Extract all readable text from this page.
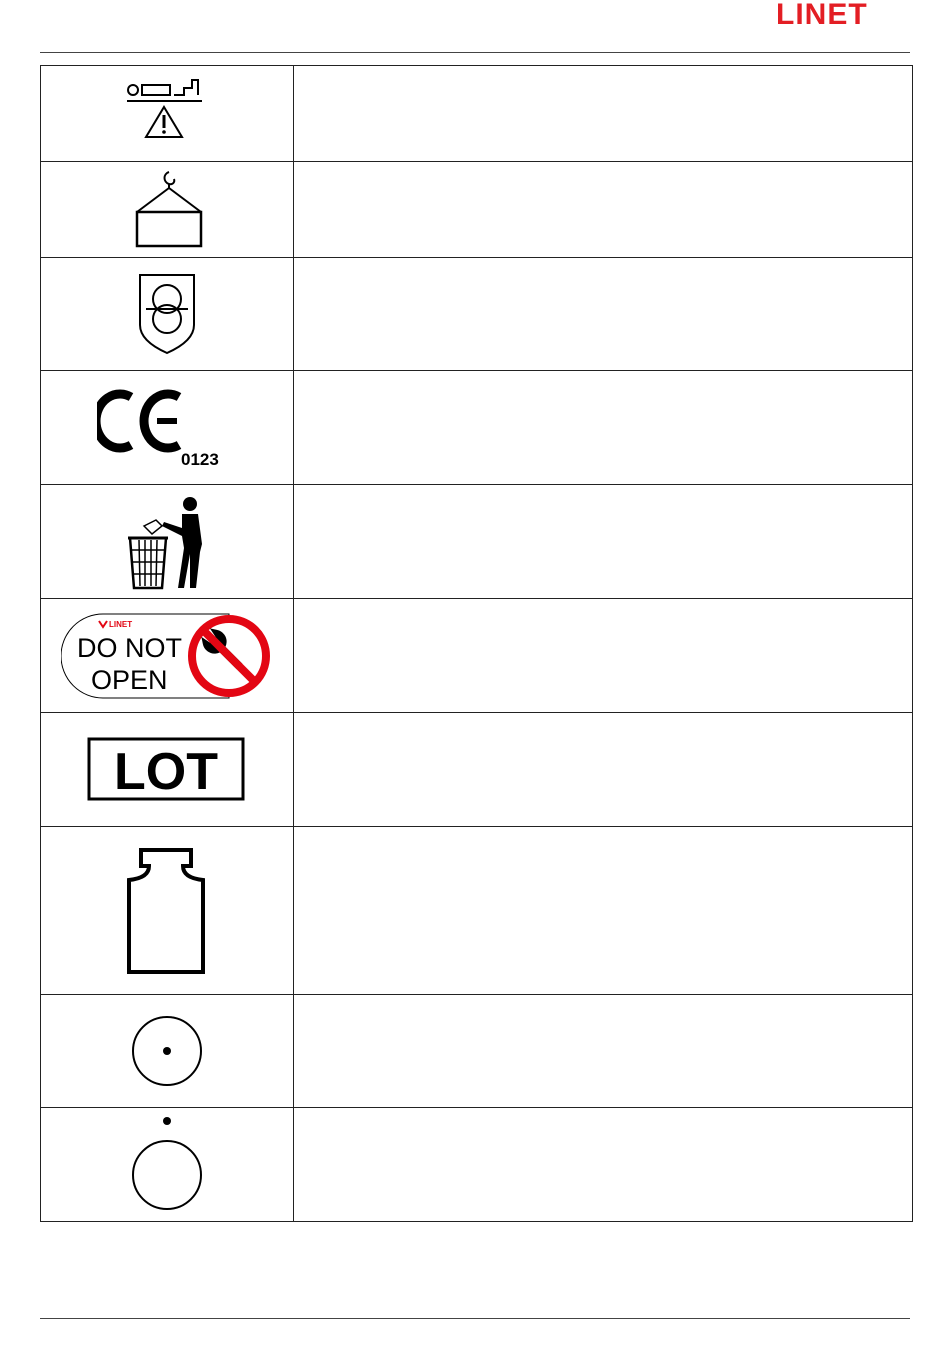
LINET

0123	

LINET
DO NOT
OPEN	

LOT	
